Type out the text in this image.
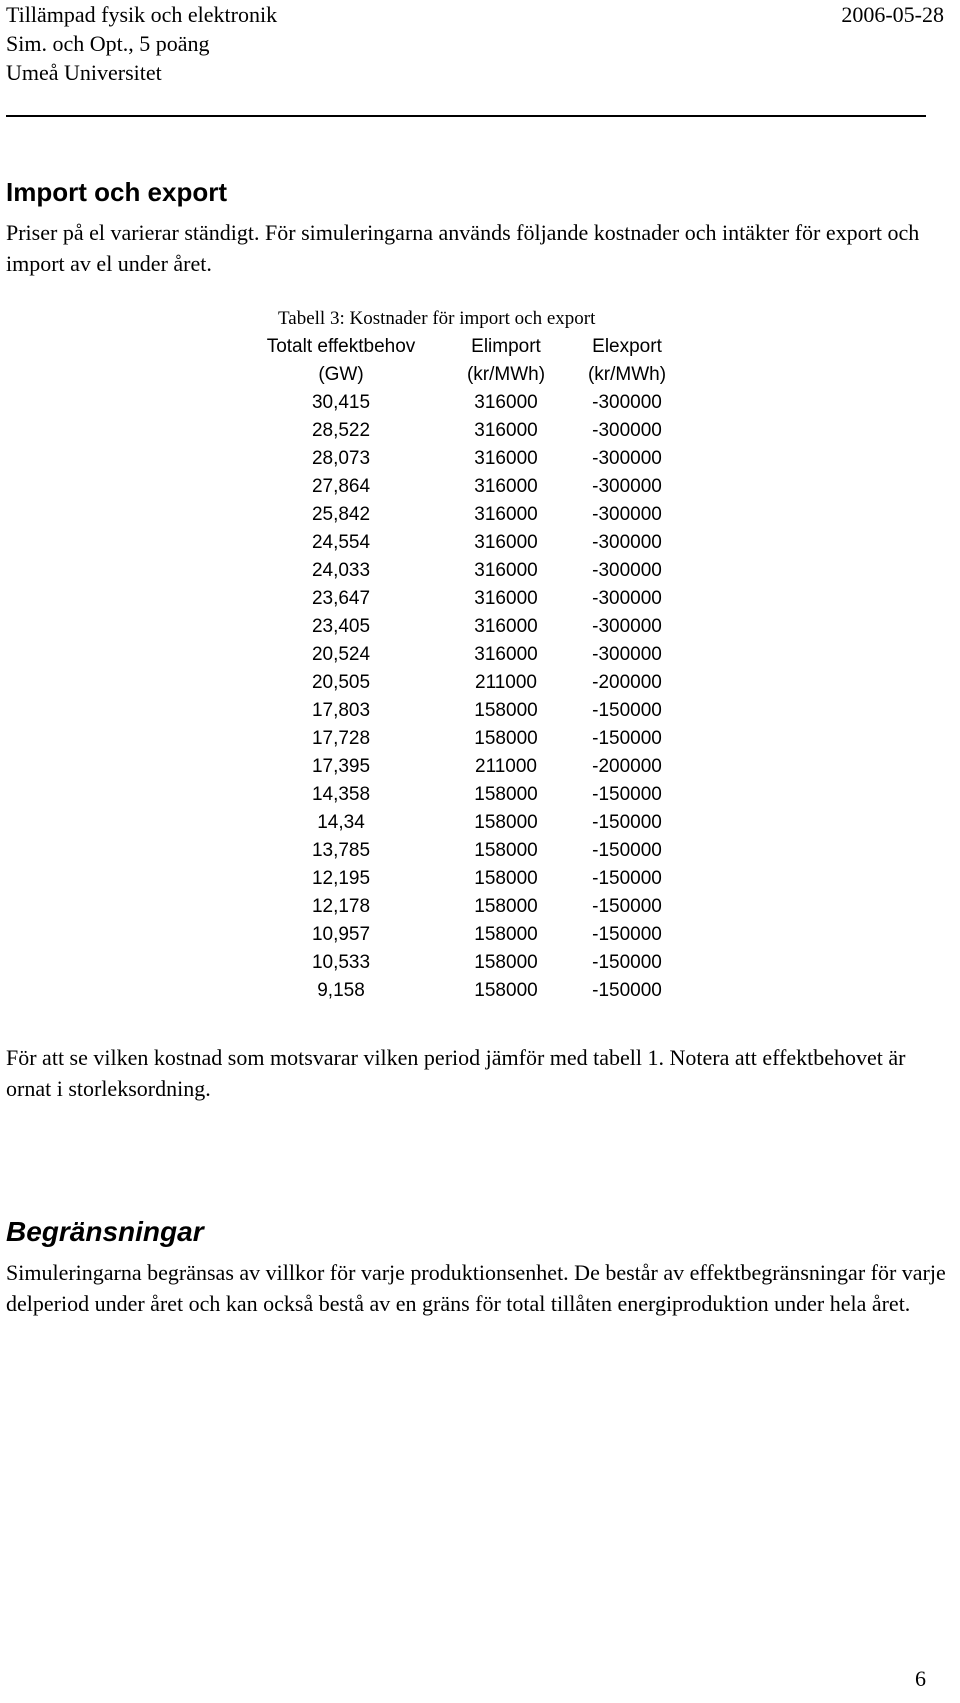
Tillämpad fysik och elektronik
Sim. och Opt., 5 poäng
Umeå Universitet
2006-05-28
Import och export
Priser på el varierar ständigt. För simuleringarna används följande kostnader och intäkter för export och import av el under året.
Tabell 3: Kostnader för import och export
Totalt effektbehov	Elimport	Elexport
(GW)	(kr/MWh)	(kr/MWh)
30,415	316000	-300000
28,522	316000	-300000
28,073	316000	-300000
27,864	316000	-300000
25,842	316000	-300000
24,554	316000	-300000
24,033	316000	-300000
23,647	316000	-300000
23,405	316000	-300000
20,524	316000	-300000
20,505	211000	-200000
17,803	158000	-150000
17,728	158000	-150000
17,395	211000	-200000
14,358	158000	-150000
14,34	158000	-150000
13,785	158000	-150000
12,195	158000	-150000
12,178	158000	-150000
10,957	158000	-150000
10,533	158000	-150000
9,158	158000	-150000
För att se vilken kostnad som motsvarar vilken period jämför med tabell 1. Notera att effektbehovet är ornat i storleksordning.
Begränsningar
Simuleringarna begränsas av villkor för varje produktionsenhet. De består av effektbegränsningar för varje delperiod under året och kan också bestå av en gräns för total tillåten energiproduktion under hela året.
6
